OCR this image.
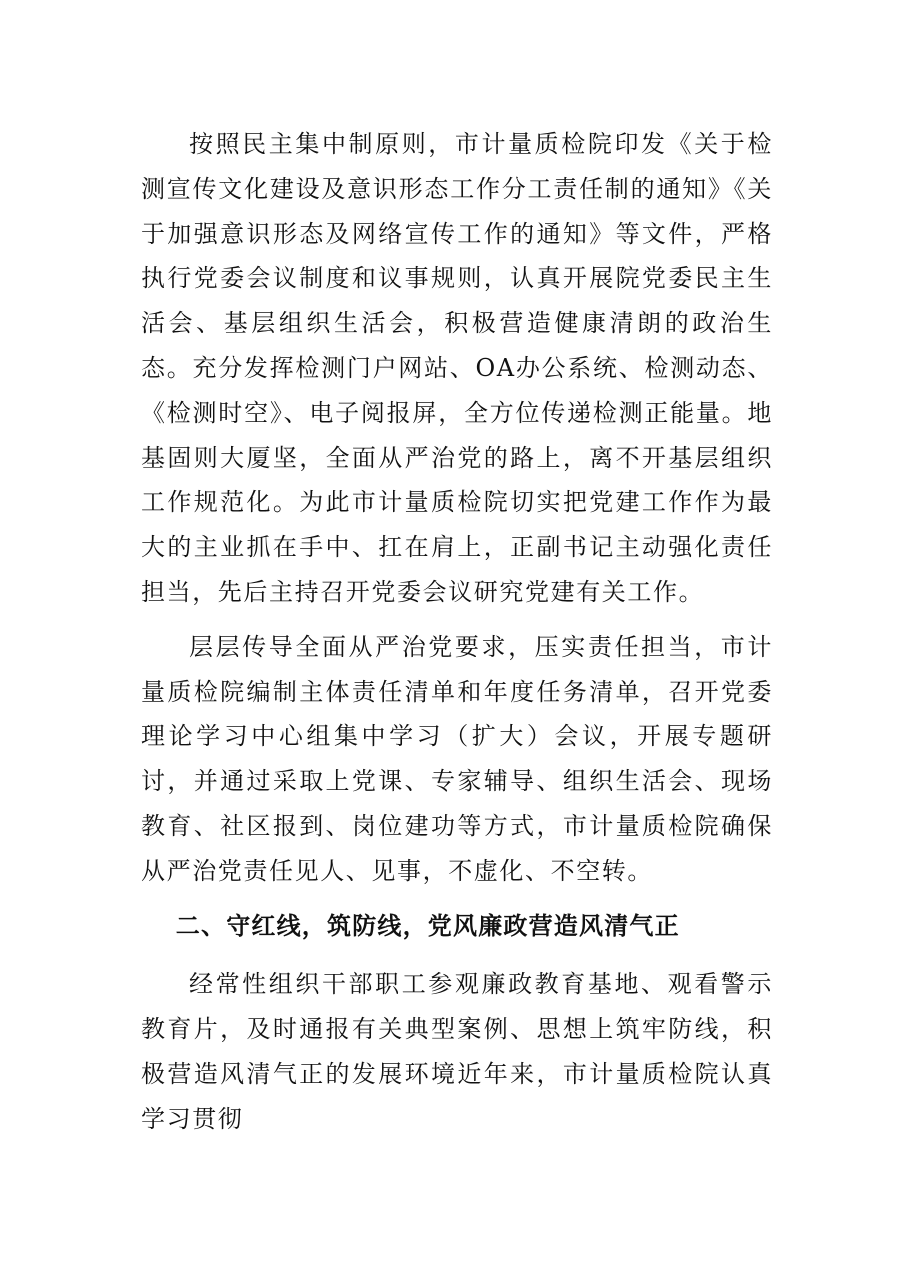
按照民主集中制原则，市计量质检院印发《关于检测宣传文化建设及意识形态工作分工责任制的通知》《关于加强意识形态及网络宣传工作的通知》等文件，严格执行党委会议制度和议事规则，认真开展院党委民主生活会、基层组织生活会，积极营造健康清朗的政治生态。充分发挥检测门户网站、OA办公系统、检测动态、《检测时空》、电子阅报屏，全方位传递检测正能量。地基固则大厦坚，全面从严治党的路上，离不开基层组织工作规范化。为此市计量质检院切实把党建工作作为最大的主业抓在手中、扛在肩上，正副书记主动强化责任担当，先后主持召开党委会议研究党建有关工作。

层层传导全面从严治党要求，压实责任担当，市计量质检院编制主体责任清单和年度任务清单，召开党委理论学习中心组集中学习（扩大）会议，开展专题研讨，并通过采取上党课、专家辅导、组织生活会、现场教育、社区报到、岗位建功等方式，市计量质检院确保从严治党责任见人、见事，不虚化、不空转。

二、守红线，筑防线，党风廉政营造风清气正

经常性组织干部职工参观廉政教育基地、观看警示教育片，及时通报有关典型案例、思想上筑牢防线，积极营造风清气正的发展环境近年来，市计量质检院认真学习贯彻
